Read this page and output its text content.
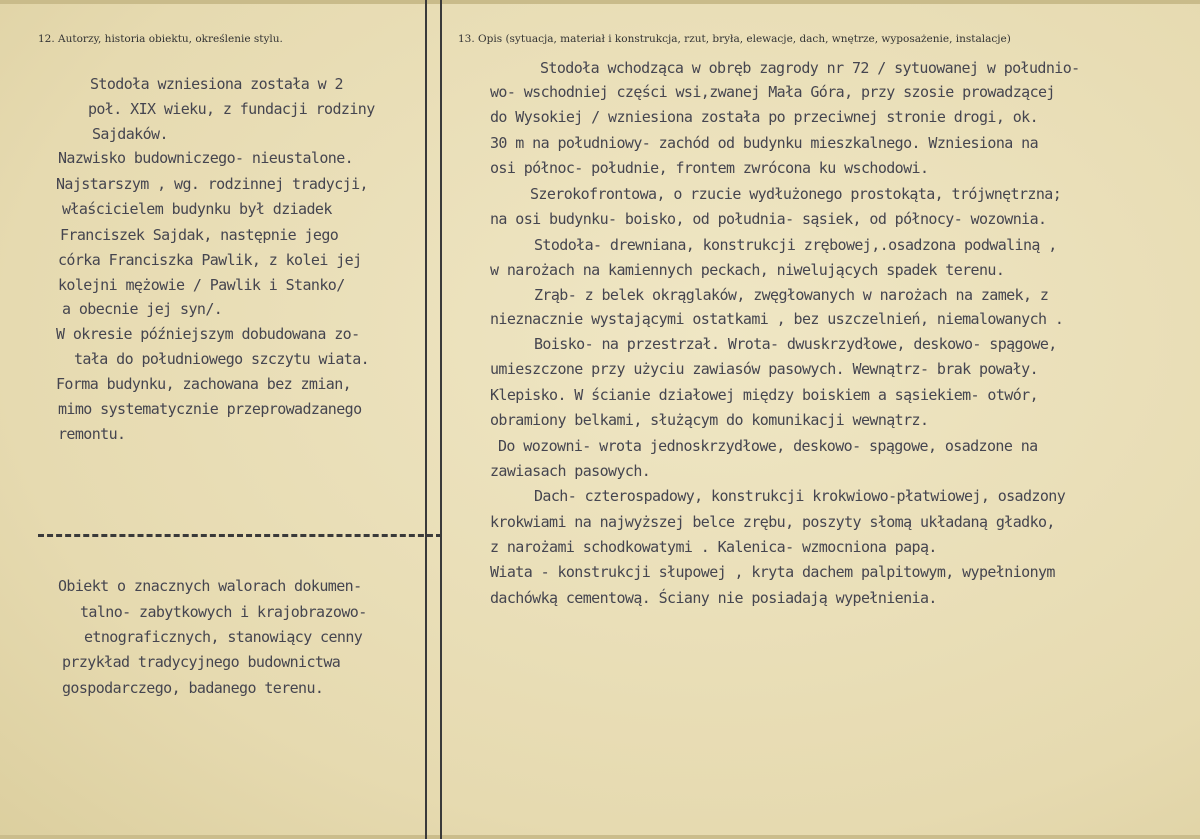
12. Autorzy, historia obiektu, określenie stylu.	13. Opis (sytuacja, materiał i konstrukcja, rzut, bryła, elewacje, dach, wnętrze, wyposażenie, instalacje)
Stodoła wzniesiona została w 2
poł. XIX wieku, z fundacji rodziny
Sajdaków.
Nazwisko budowniczego- nieustalone.
Najstarszym , wg. rodzinnej tradycji,
właścicielem budynku był dziadek
Franciszek Sajdak, następnie jego
córka Franciszka Pawlik, z kolei jej
kolejni mężowie / Pawlik i Stanko/
a obecnie jej syn/.
W okresie późniejszym dobudowana zo-
tała do południowego szczytu wiata.
Forma budynku, zachowana bez zmian,
mimo systematycznie przeprowadzanego
remontu.
Obiekt o znacznych walorach dokumen-
talno- zabytkowych i krajobrazowo-
etnograficznych, stanowiący cenny
przykład tradycyjnego budownictwa
gospodarczego, badanego terenu.
Stodoła wchodząca w obręb zagrody nr 72 / sytuowanej w południo-
wo- wschodniej części wsi,zwanej Mała Góra, przy szosie prowadzącej
do Wysokiej / wzniesiona została po przeciwnej stronie drogi, ok.
30 m na południowy- zachód od budynku mieszkalnego. Wzniesiona na
osi północ- południe, frontem zwrócona ku wschodowi.
Szerokofrontowa, o rzucie wydłużonego prostokąta, trójwnętrzna;
na osi budynku- boisko, od południa- sąsiek, od północy- wozownia.
Stodoła- drewniana, konstrukcji zrębowej,.osadzona podwaliną ,
w narożach na kamiennych peckach, niwelujących spadek terenu.
Zrąb- z belek okrąglaków, zwęgłowanych w narożach na zamek, z
nieznacznie wystającymi ostatkami , bez uszczelnień, niemalowanych .
Boisko- na przestrzał. Wrota- dwuskrzydłowe, deskowo- spągowe,
umieszczone przy użyciu zawiasów pasowych. Wewnątrz- brak powały.
Klepisko. W ścianie działowej między boiskiem a sąsiekiem- otwór,
obramiony belkami, służącym do komunikacji wewnątrz.
Do wozowni- wrota jednoskrzydłowe, deskowo- spągowe, osadzone na
zawiasach pasowych.
Dach- czterospadowy, konstrukcji krokwiowo-płatwiowej, osadzony
krokwiami na najwyższej belce zrębu, poszyty słomą układaną gładko,
z narożami schodkowatymi . Kalenica- wzmocniona papą.
Wiata - konstrukcji słupowej , kryta dachem palpitowym, wypełnionym
dachówką cementową. Ściany nie posiadają wypełnienia.
